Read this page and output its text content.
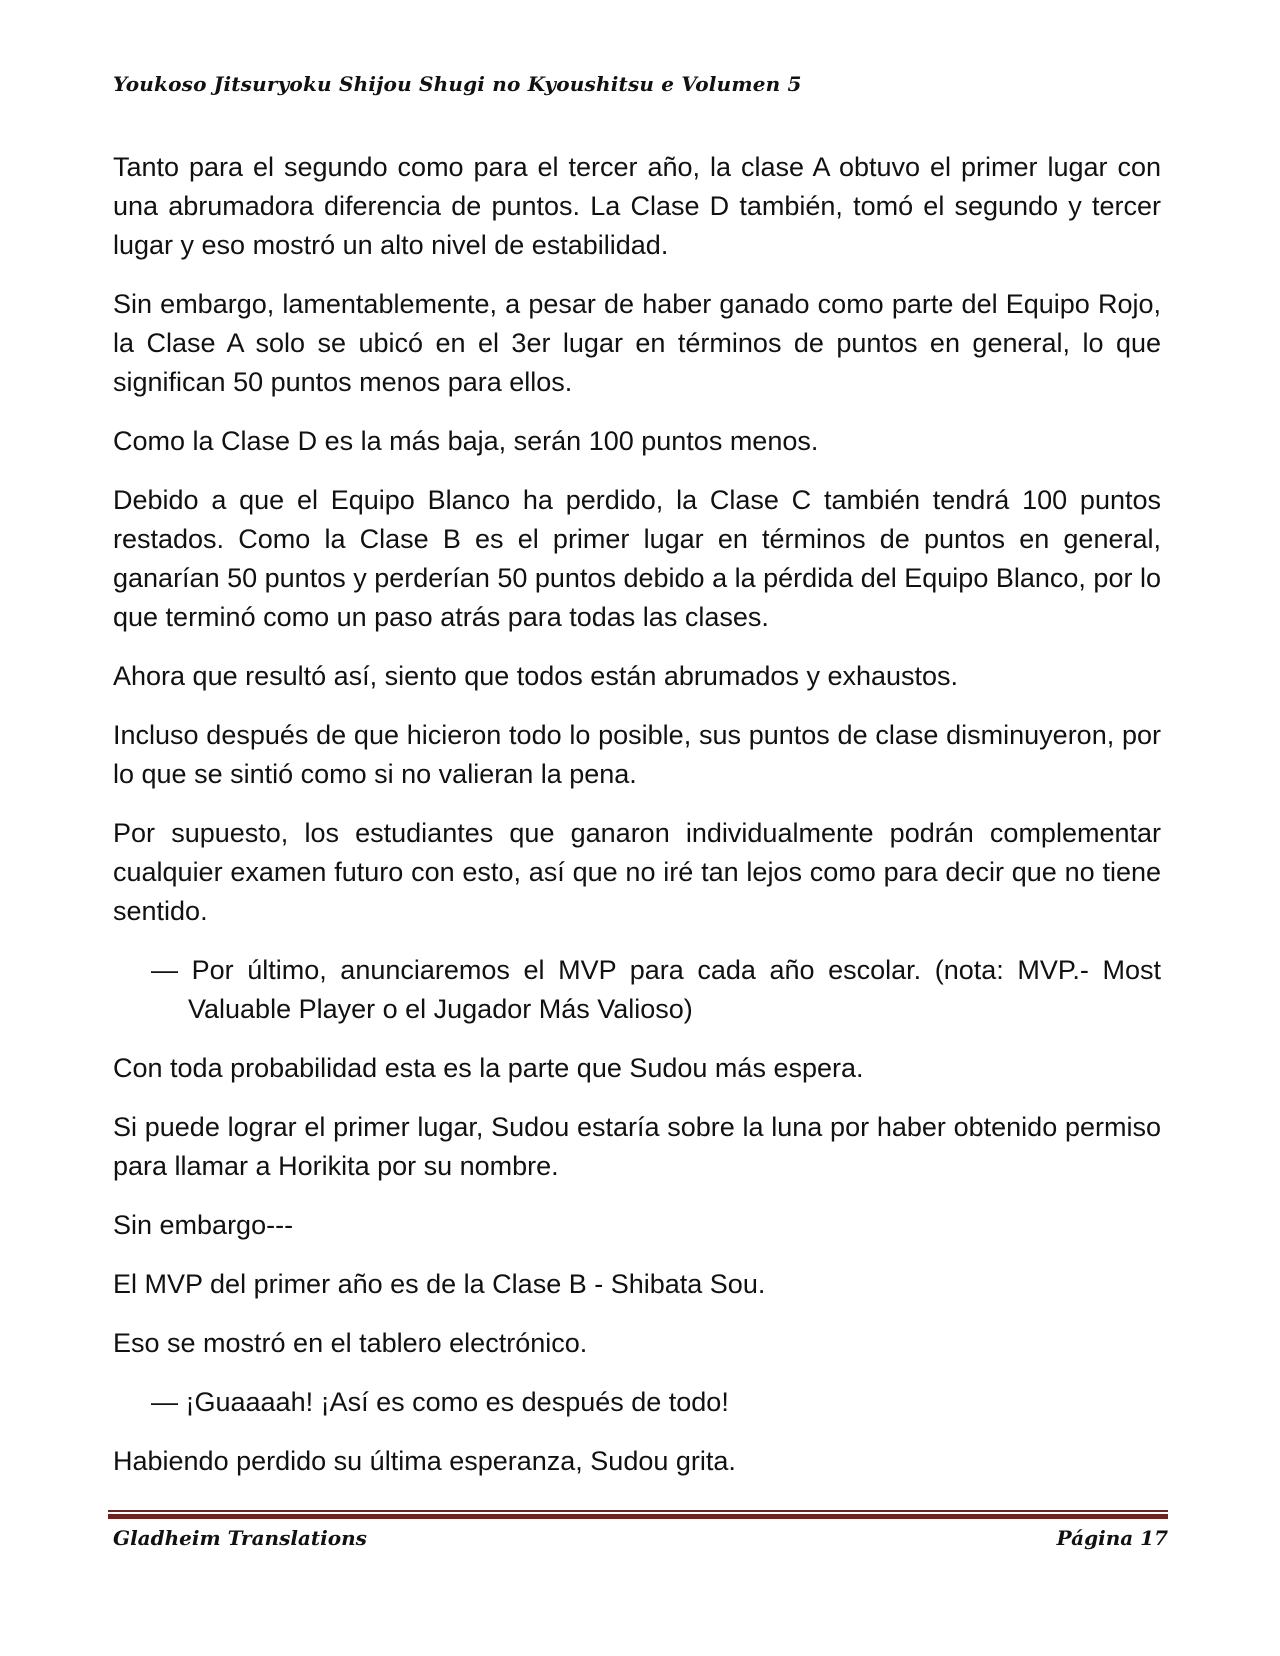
Youkoso Jitsuryoku Shijou Shugi no Kyoushitsu e Volumen 5

Tanto para el segundo como para el tercer año, la clase A obtuvo el primer lugar con una abrumadora diferencia de puntos. La Clase D también, tomó el segundo y tercer lugar y eso mostró un alto nivel de estabilidad.

Sin embargo, lamentablemente, a pesar de haber ganado como parte del Equipo Rojo, la Clase A solo se ubicó en el 3er lugar en términos de puntos en general, lo que significan 50 puntos menos para ellos.

Como la Clase D es la más baja, serán 100 puntos menos.

Debido a que el Equipo Blanco ha perdido, la Clase C también tendrá 100 puntos restados. Como la Clase B es el primer lugar en términos de puntos en general, ganarían 50 puntos y perderían 50 puntos debido a la pérdida del Equipo Blanco, por lo que terminó como un paso atrás para todas las clases.

Ahora que resultó así, siento que todos están abrumados y exhaustos.

Incluso después de que hicieron todo lo posible, sus puntos de clase disminuyeron, por lo que se sintió como si no valieran la pena.

Por supuesto, los estudiantes que ganaron individualmente podrán complementar cualquier examen futuro con esto, así que no iré tan lejos como para decir que no tiene sentido.

— Por último, anunciaremos el MVP para cada año escolar. (nota: MVP.- Most Valuable Player o el Jugador Más Valioso)

Con toda probabilidad esta es la parte que Sudou más espera.

Si puede lograr el primer lugar, Sudou estaría sobre la luna por haber obtenido permiso para llamar a Horikita por su nombre.

Sin embargo---

El MVP del primer año es de la Clase B - Shibata Sou.

Eso se mostró en el tablero electrónico.

— ¡Guaaaah! ¡Así es como es después de todo!

Habiendo perdido su última esperanza, Sudou grita.

Gladheim Translations	Página 17
